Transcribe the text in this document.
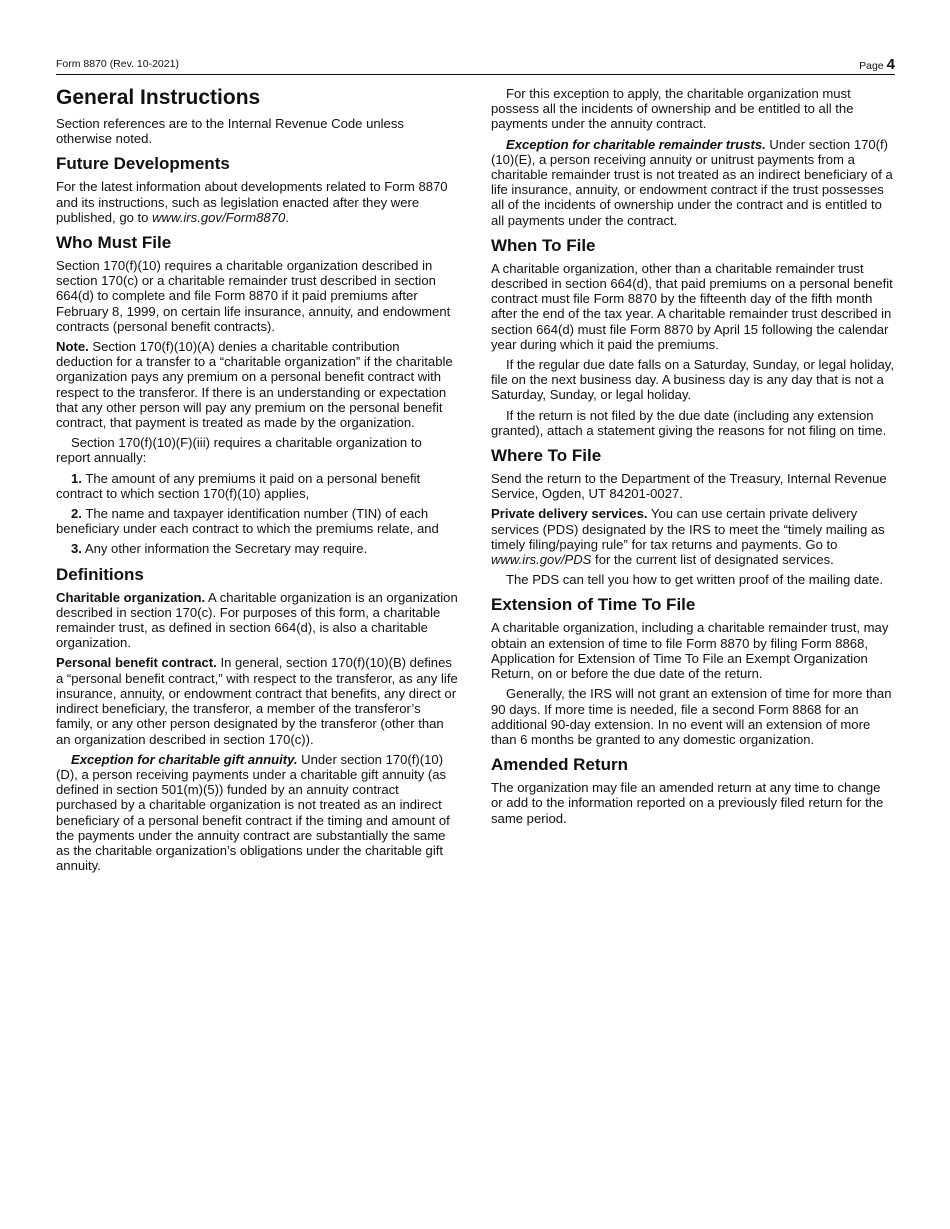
Form 8870 (Rev. 10-2021)	Page 4
General Instructions

Section references are to the Internal Revenue Code unless otherwise noted.

Future Developments

For the latest information about developments related to Form 8870 and its instructions, such as legislation enacted after they were published, go to www.irs.gov/Form8870.

Who Must File

Section 170(f)(10) requires a charitable organization described in section 170(c) or a charitable remainder trust described in section 664(d) to complete and file Form 8870 if it paid premiums after February 8, 1999, on certain life insurance, annuity, and endowment contracts (personal benefit contracts).

Note. Section 170(f)(10)(A) denies a charitable contribution deduction for a transfer to a “charitable organization” if the charitable organization pays any premium on a personal benefit contract with respect to the transferor. If there is an understanding or expectation that any other person will pay any premium on the personal benefit contract, that payment is treated as made by the organization.

Section 170(f)(10)(F)(iii) requires a charitable organization to report annually:

1. The amount of any premiums it paid on a personal benefit contract to which section 170(f)(10) applies,

2. The name and taxpayer identification number (TIN) of each beneficiary under each contract to which the premiums relate, and

3. Any other information the Secretary may require.

Definitions

Charitable organization. A charitable organization is an organization described in section 170(c). For purposes of this form, a charitable remainder trust, as defined in section 664(d), is also a charitable organization.

Personal benefit contract. In general, section 170(f)(10)(B) defines a “personal benefit contract,” with respect to the transferor, as any life insurance, annuity, or endowment contract that benefits, any direct or indirect beneficiary, the transferor, a member of the transferor’s family, or any other person designated by the transferor (other than an organization described in section 170(c)).

Exception for charitable gift annuity. Under section 170(f)(10)(D), a person receiving payments under a charitable gift annuity (as defined in section 501(m)(5)) funded by an annuity contract purchased by a charitable organization is not treated as an indirect beneficiary of a personal benefit contract if the timing and amount of the payments under the annuity contract are substantially the same as the charitable organization’s obligations under the charitable gift annuity.

For this exception to apply, the charitable organization must possess all the incidents of ownership and be entitled to all the payments under the annuity contract.

Exception for charitable remainder trusts. Under section 170(f)(10)(E), a person receiving annuity or unitrust payments from a charitable remainder trust is not treated as an indirect beneficiary of a life insurance, annuity, or endowment contract if the trust possesses all of the incidents of ownership under the contract and is entitled to all payments under the contract.

When To File

A charitable organization, other than a charitable remainder trust described in section 664(d), that paid premiums on a personal benefit contract must file Form 8870 by the fifteenth day of the fifth month after the end of the tax year. A charitable remainder trust described in section 664(d) must file Form 8870 by April 15 following the calendar year during which it paid the premiums.

If the regular due date falls on a Saturday, Sunday, or legal holiday, file on the next business day. A business day is any day that is not a Saturday, Sunday, or legal holiday.

If the return is not filed by the due date (including any extension granted), attach a statement giving the reasons for not filing on time.

Where To File

Send the return to the Department of the Treasury, Internal Revenue Service, Ogden, UT 84201-0027.

Private delivery services. You can use certain private delivery services (PDS) designated by the IRS to meet the “timely mailing as timely filing/paying rule” for tax returns and payments. Go to www.irs.gov/PDS for the current list of designated services.

The PDS can tell you how to get written proof of the mailing date.

Extension of Time To File

A charitable organization, including a charitable remainder trust, may obtain an extension of time to file Form 8870 by filing Form 8868, Application for Extension of Time To File an Exempt Organization Return, on or before the due date of the return.

Generally, the IRS will not grant an extension of time for more than 90 days. If more time is needed, file a second Form 8868 for an additional 90-day extension. In no event will an extension of more than 6 months be granted to any domestic organization.

Amended Return

The organization may file an amended return at any time to change or add to the information reported on a previously filed return for the same period.
